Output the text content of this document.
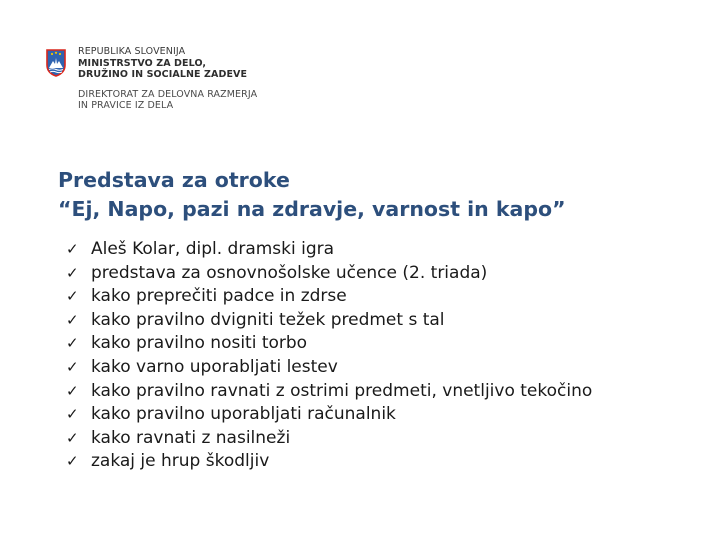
REPUBLIKA SLOVENIJA
MINISTRSTVO ZA DELO,
DRUŽINO IN SOCIALNE ZADEVE
DIREKTORAT ZA DELOVNA RAZMERJA
IN PRAVICE IZ DELA
Predstava za otroke
“Ej, Napo, pazi na zdravje, varnost in kapo”
✓ Aleš Kolar, dipl. dramski igra
✓ predstava za osnovnošolske učence (2. triada)
✓ kako preprečiti padce in zdrse
✓ kako pravilno dvigniti težek predmet s tal
✓ kako pravilno nositi torbo
✓ kako varno uporabljati lestev
✓ kako pravilno ravnati z ostrimi predmeti, vnetljivo tekočino
✓ kako pravilno uporabljati računalnik
✓ kako ravnati z nasilneži
✓ zakaj je hrup škodljiv
